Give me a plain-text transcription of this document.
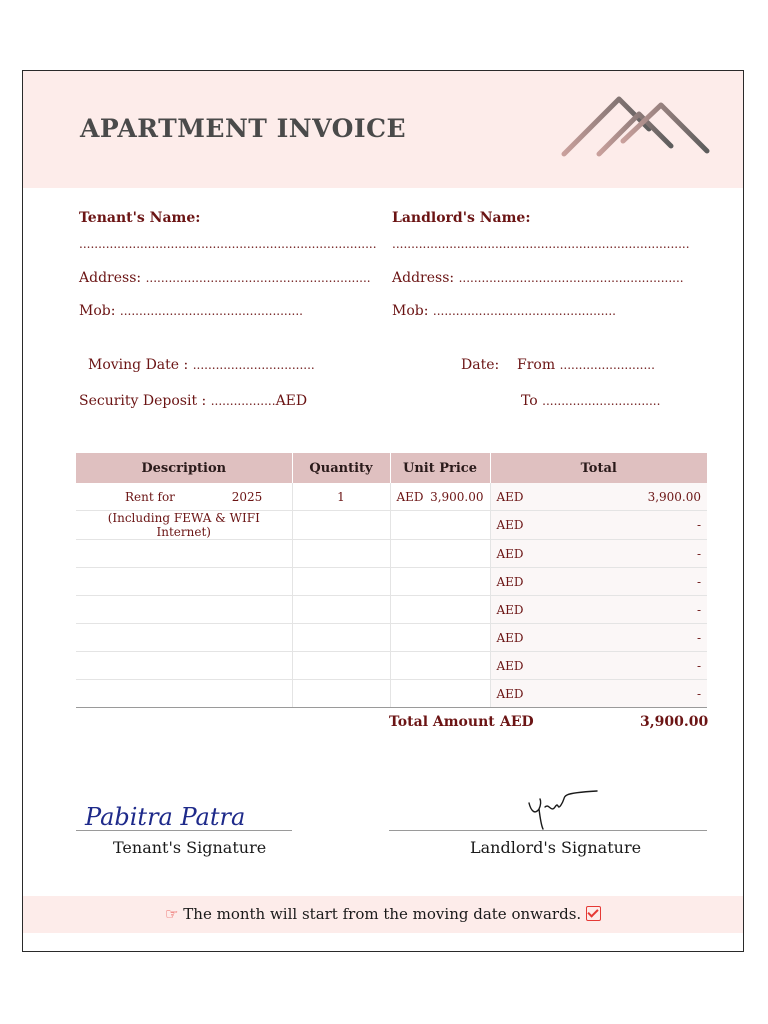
APARTMENT INVOICE
Tenant's Name:
..............................................................................
Address: ...........................................................
Mob: ................................................
Landlord's Name:
..............................................................................
Address: ...........................................................
Mob: ................................................
Moving Date : ................................
Security Deposit : .................AED
Date: From .........................
To ...............................
Description	Quantity	Unit Price	Total
Rent for 2025	1	AED 3,900.00	AED 3,900.00

(Including FEWA & WIFI Internet)			AED -

			AED -

			AED -

			AED -

			AED -

			AED -

			AED -
Total Amount AED	3,900.00
Pabitra Patra
Tenant's Signature	Landlord's Signature
☞ The month will start from the moving date onwards.
